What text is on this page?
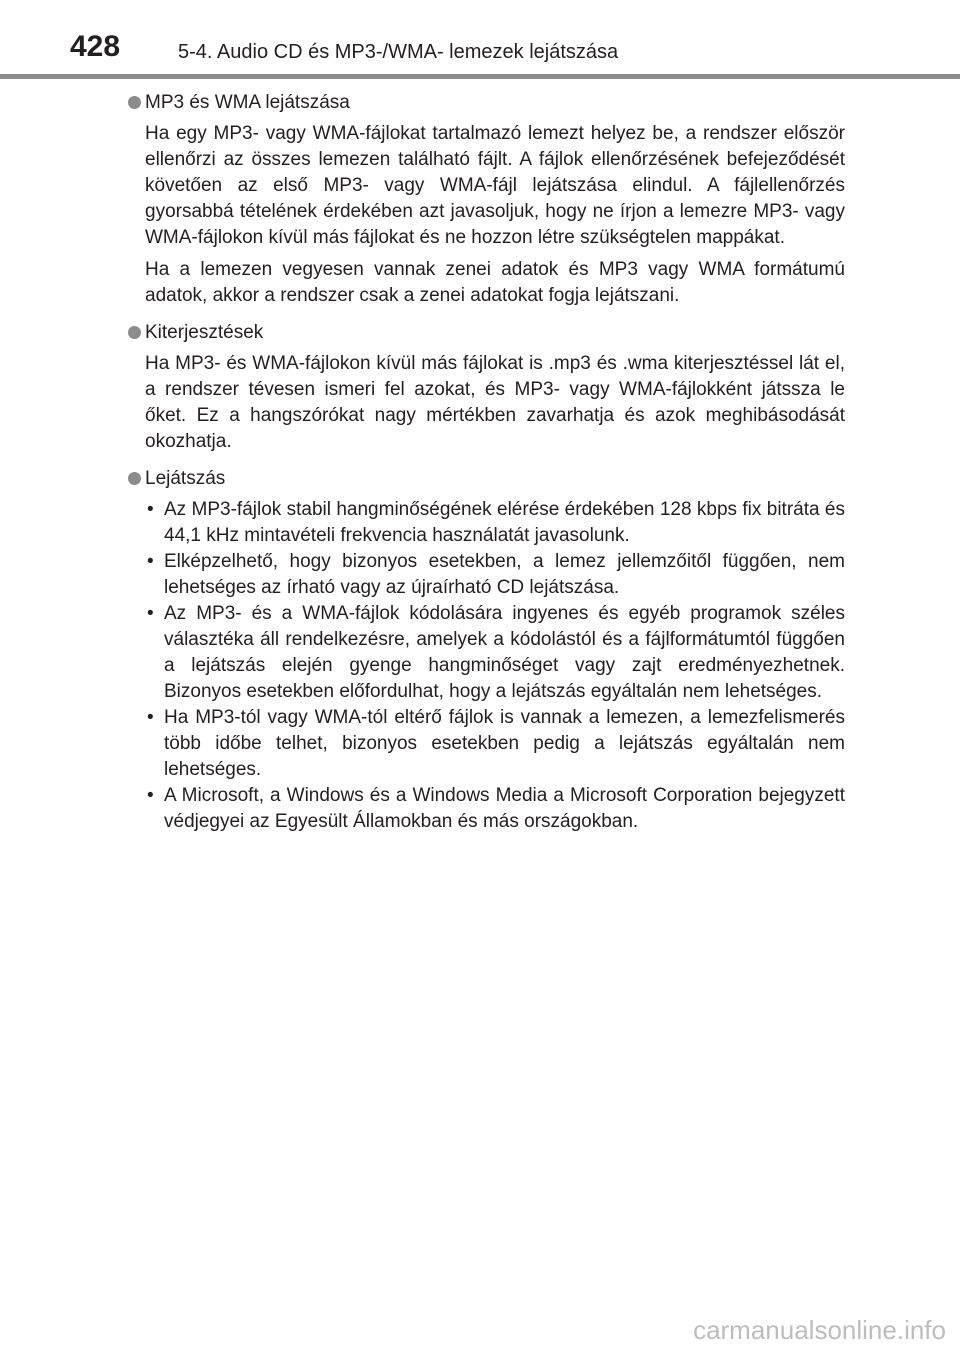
428	5-4. Audio CD és MP3-/WMA- lemezek lejátszása

MP3 és WMA lejátszása

Ha egy MP3- vagy WMA-fájlokat tartalmazó lemezt helyez be, a rendszer először ellenőrzi az összes lemezen található fájlt. A fájlok ellenőrzésének befejeződését követően az első MP3- vagy WMA-fájl lejátszása elindul. A fájlellenőrzés gyorsabbá tételének érdekében azt javasoljuk, hogy ne írjon a lemezre MP3- vagy WMA-fájlokon kívül más fájlokat és ne hozzon létre szükségtelen mappákat.

Ha a lemezen vegyesen vannak zenei adatok és MP3 vagy WMA formátumú adatok, akkor a rendszer csak a zenei adatokat fogja lejátszani.

Kiterjesztések

Ha MP3- és WMA-fájlokon kívül más fájlokat is .mp3 és .wma kiterjesztéssel lát el, a rendszer tévesen ismeri fel azokat, és MP3- vagy WMA-fájlokként játssza le őket. Ez a hangszórókat nagy mértékben zavarhatja és azok meghibásodását okozhatja.

Lejátszás

• Az MP3-fájlok stabil hangminőségének elérése érdekében 128 kbps fix bitráta és 44,1 kHz mintavételi frekvencia használatát javasolunk.
• Elképzelhető, hogy bizonyos esetekben, a lemez jellemzőitől függően, nem lehetséges az írható vagy az újraírható CD lejátszása.
• Az MP3- és a WMA-fájlok kódolására ingyenes és egyéb programok széles választéka áll rendelkezésre, amelyek a kódolástól és a fájlformátumtól függően a lejátszás elején gyenge hangminőséget vagy zajt eredményezhetnek. Bizonyos esetekben előfordulhat, hogy a lejátszás egyáltalán nem lehetséges.
• Ha MP3-tól vagy WMA-tól eltérő fájlok is vannak a lemezen, a lemezfelismerés több időbe telhet, bizonyos esetekben pedig a lejátszás egyáltalán nem lehetséges.
• A Microsoft, a Windows és a Windows Media a Microsoft Corporation bejegyzett védjegyei az Egyesült Államokban és más országokban.
carmanualsonline.info
